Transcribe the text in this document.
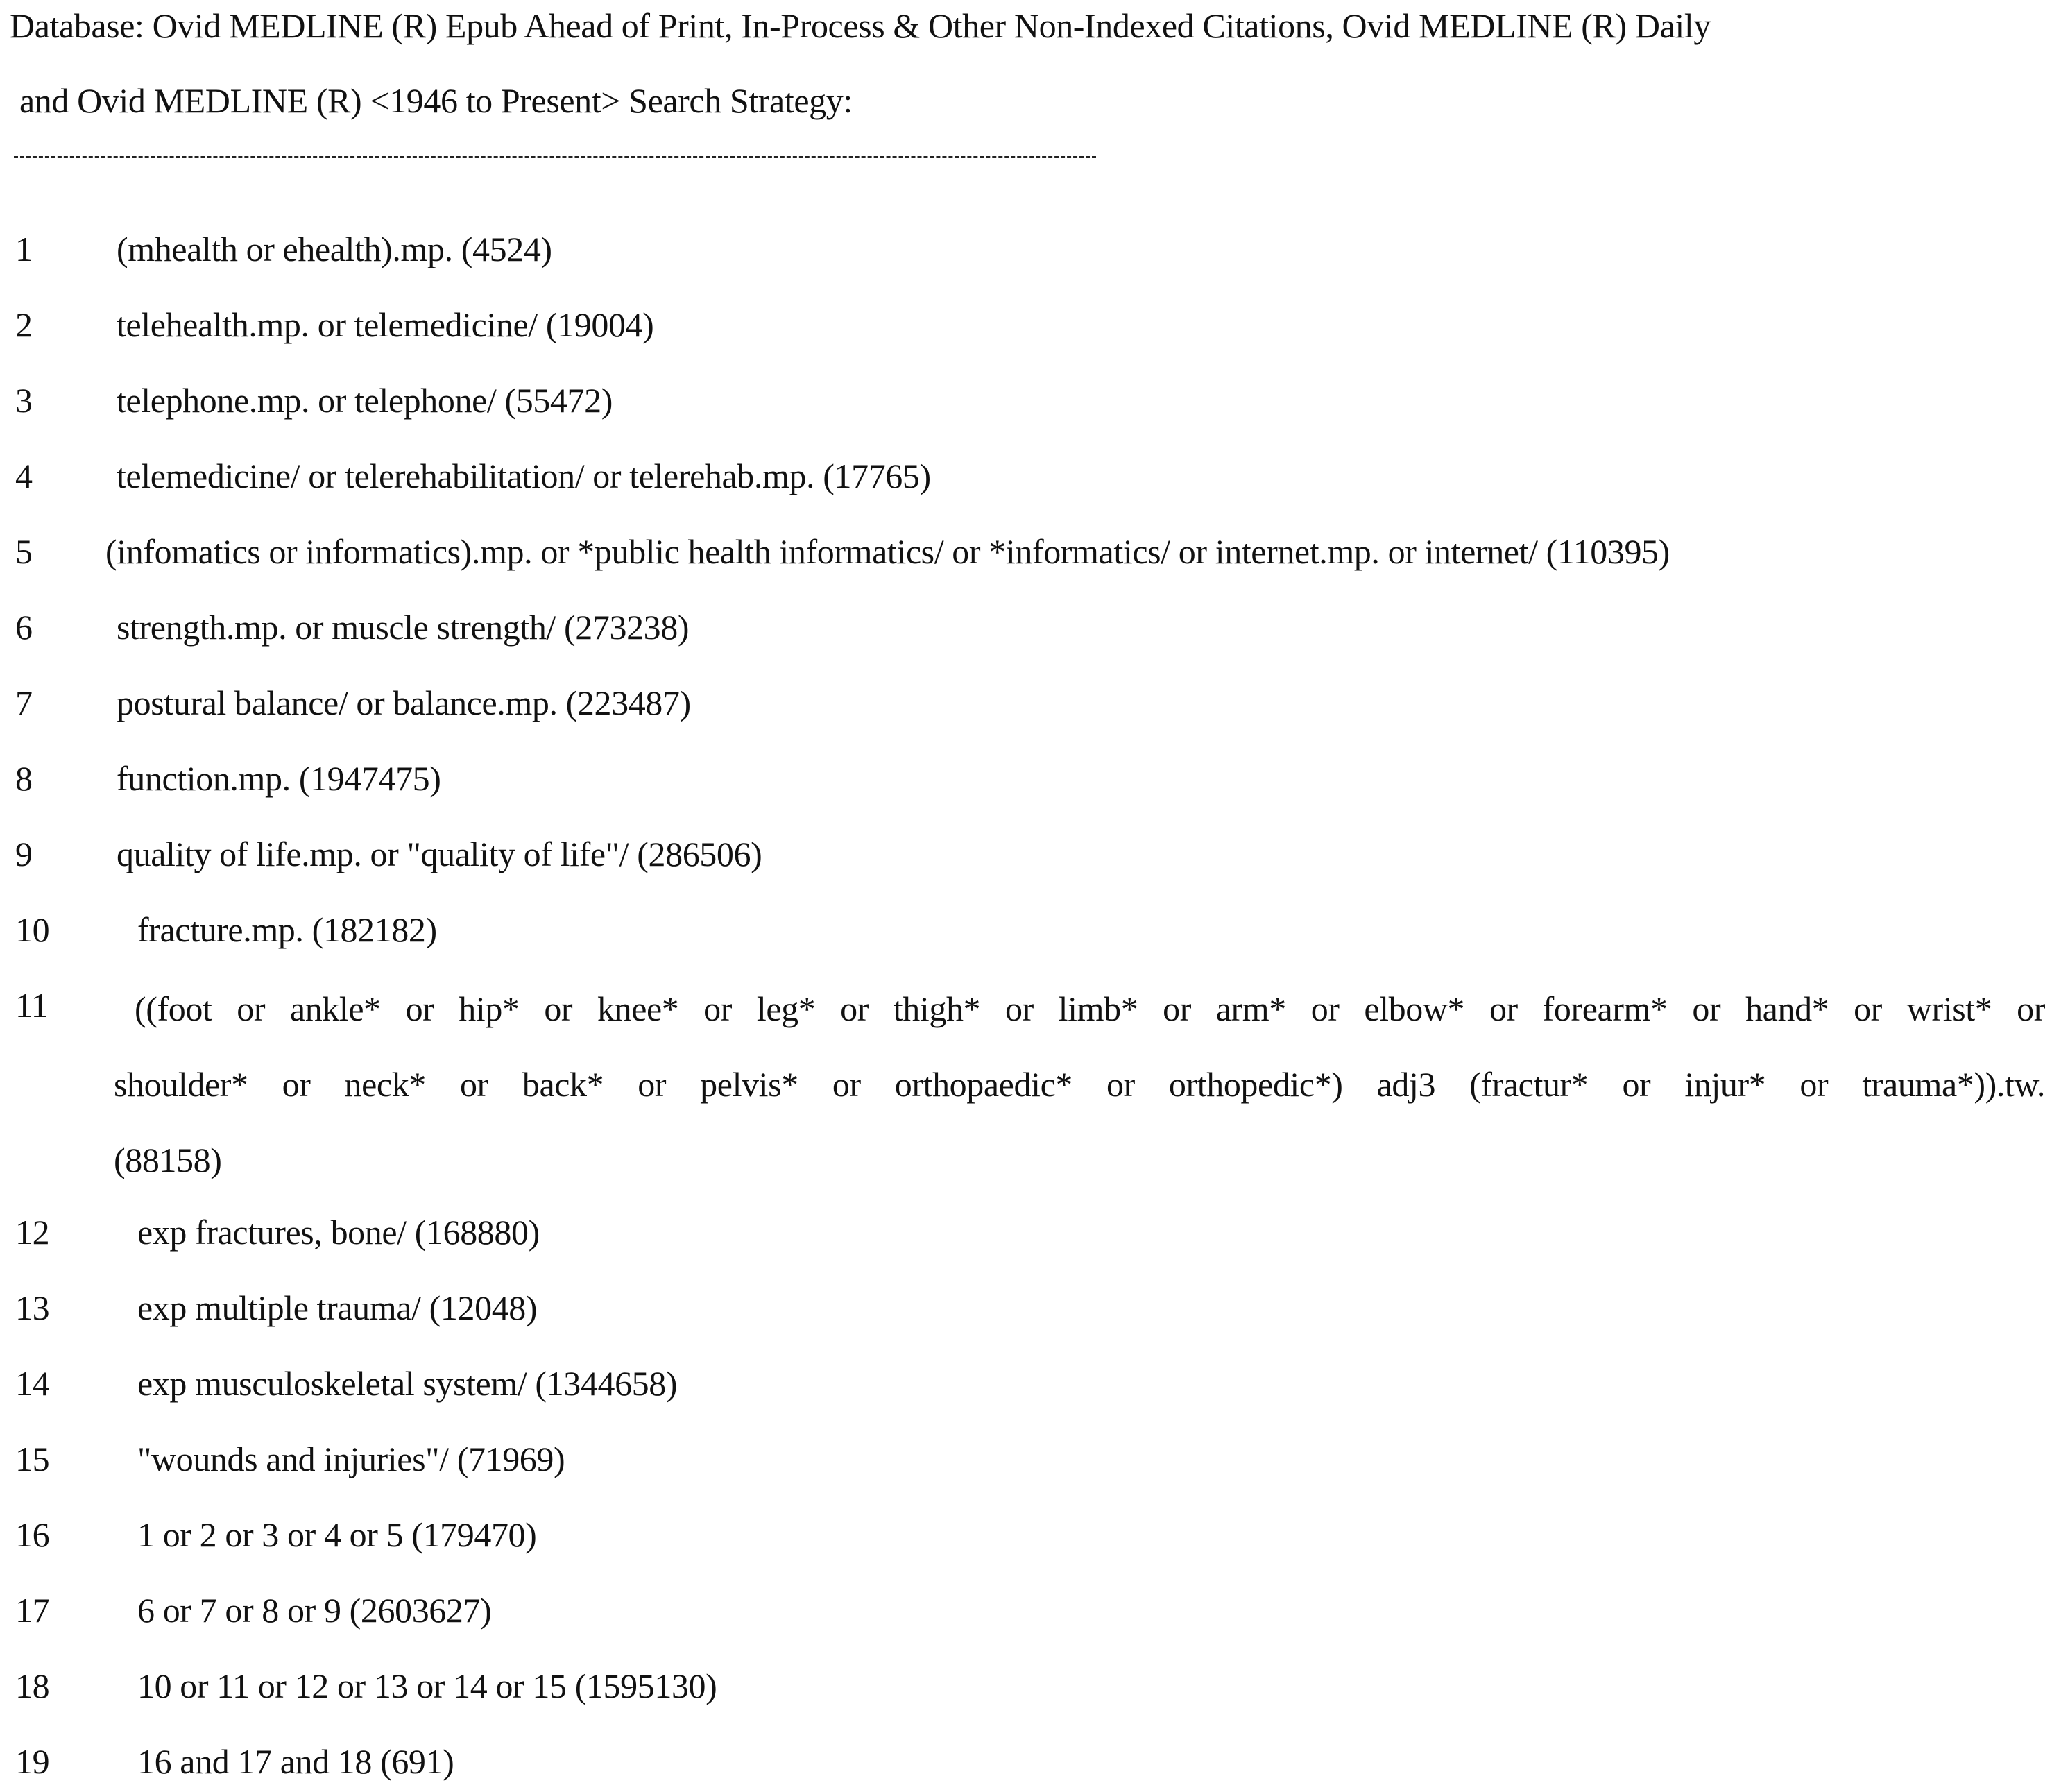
Database: Ovid MEDLINE (R) Epub Ahead of Print, In-Process & Other Non-Indexed Citations, Ovid MEDLINE (R) Daily
and Ovid MEDLINE (R) <1946 to Present> Search Strategy:
1 (mhealth or ehealth).mp. (4524)
2 telehealth.mp. or telemedicine/ (19004)
3 telephone.mp. or telephone/ (55472)
4 telemedicine/ or telerehabilitation/ or telerehab.mp. (17765)
5 (infomatics or informatics).mp. or *public health informatics/ or *informatics/ or internet.mp. or internet/ (110395)
6 strength.mp. or muscle strength/ (273238)
7 postural balance/ or balance.mp. (223487)
8 function.mp. (1947475)
9 quality of life.mp. or "quality of life"/ (286506)
10	fracture.mp. (182182)
11	((foot or ankle* or hip* or knee* or leg* or thigh* or limb* or arm* or elbow* or forearm* or hand* or wrist* or
shoulder* or neck* or back* or pelvis* or orthopaedic* or orthopedic*) adj3 (fractur* or injur* or trauma*)).tw.
(88158)
12	exp fractures, bone/ (168880)
13	exp multiple trauma/ (12048)
14	exp musculoskeletal system/ (1344658)
15	"wounds and injuries"/ (71969)
16	1 or 2 or 3 or 4 or 5 (179470)
17	6 or 7 or 8 or 9 (2603627)
18	10 or 11 or 12 or 13 or 14 or 15 (1595130)
19	16 and 17 and 18 (691)
